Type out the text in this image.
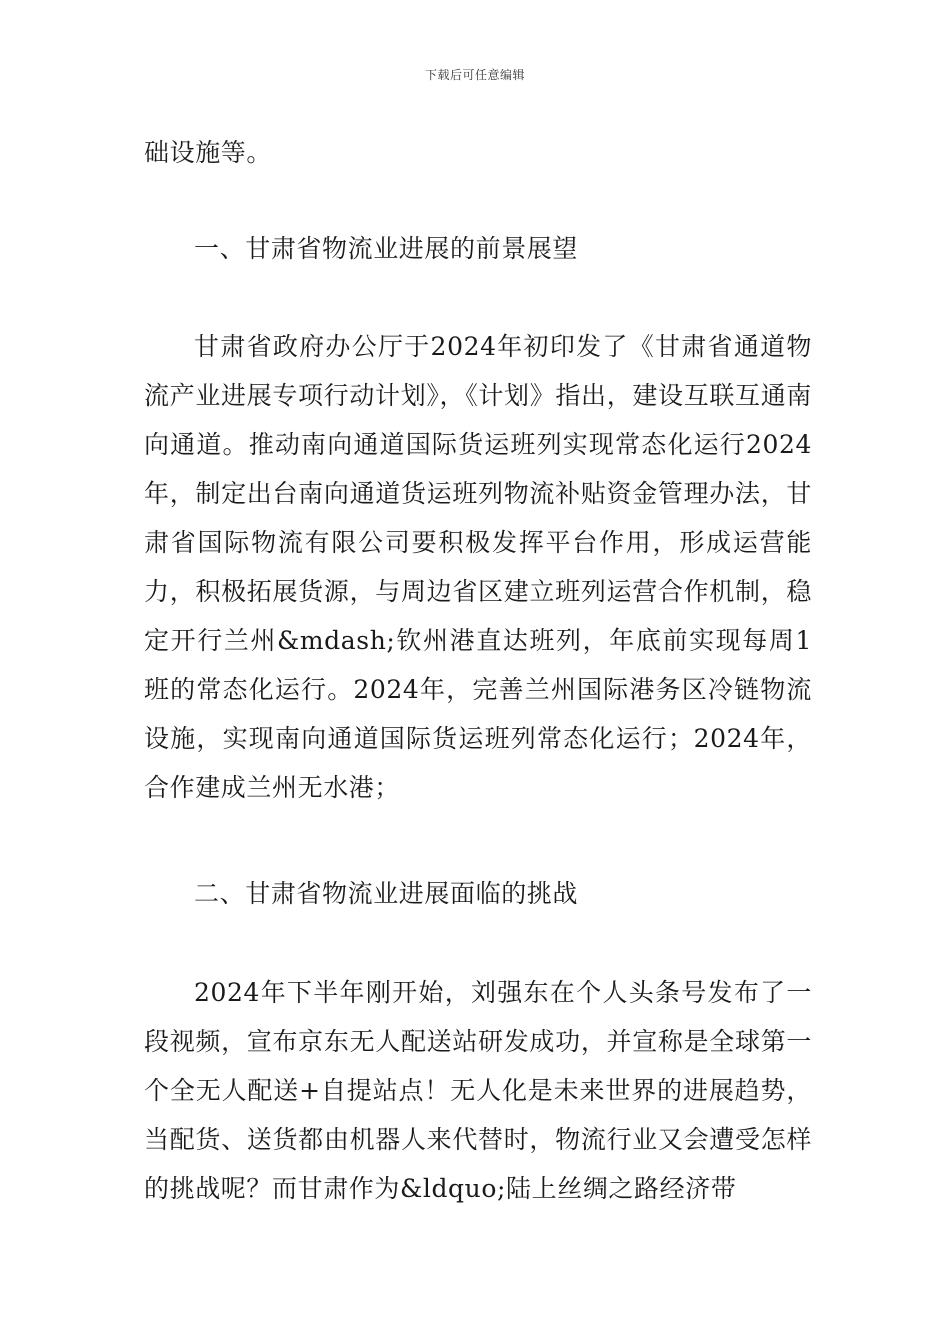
下载后可任意编辑

础设施等。

一、甘肃省物流业进展的前景展望

甘肃省政府办公厅于2024年初印发了《甘肃省通道物流产业进展专项行动计划》，《计划》指出，建设互联互通南向通道。推动南向通道国际货运班列实现常态化运行2024年，制定出台南向通道货运班列物流补贴资金管理办法，甘肃省国际物流有限公司要积极发挥平台作用，形成运营能力，积极拓展货源，与周边省区建立班列运营合作机制，稳定开行兰州&mdash;钦州港直达班列，年底前实现每周1班的常态化运行。2024年，完善兰州国际港务区冷链物流设施，实现南向通道国际货运班列常态化运行；2024年，合作建成兰州无水港；

二、甘肃省物流业进展面临的挑战

2024年下半年刚开始，刘强东在个人头条号发布了一段视频，宣布京东无人配送站研发成功，并宣称是全球第一个全无人配送+自提站点！无人化是未来世界的进展趋势，当配货、送货都由机器人来代替时，物流行业又会遭受怎样的挑战呢？而甘肃作为&ldquo;陆上丝绸之路经济带
